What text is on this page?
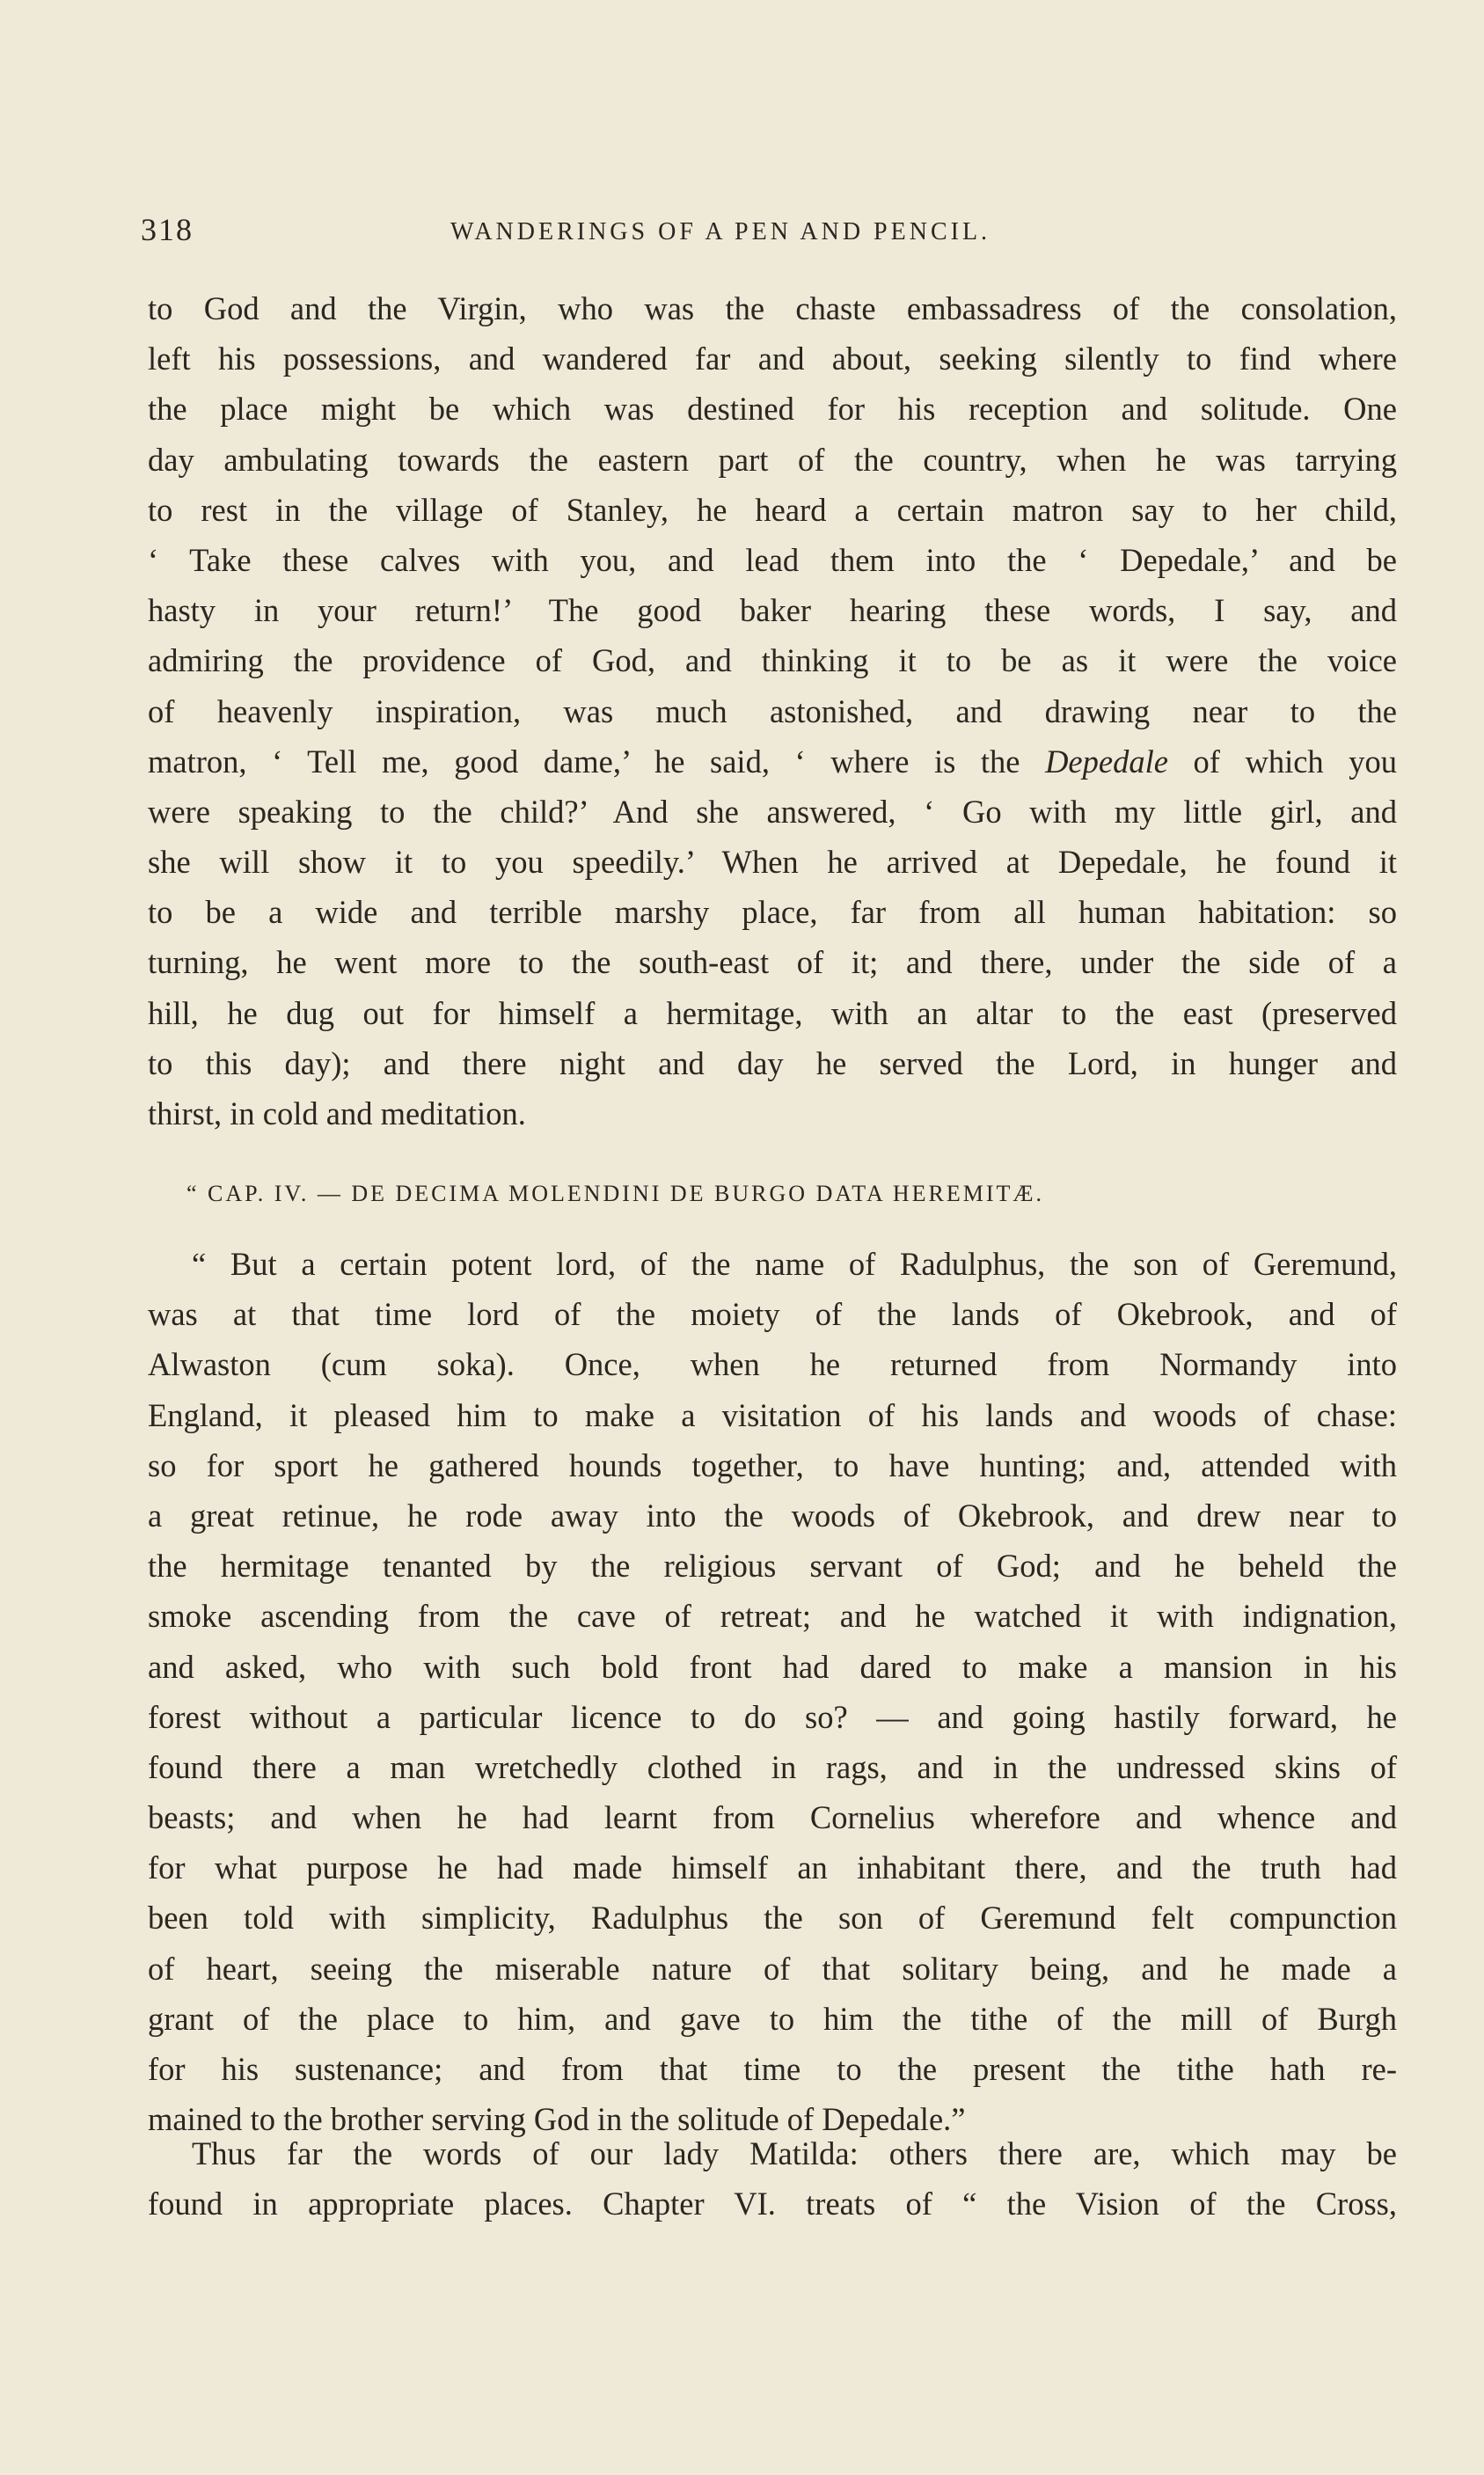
318	WANDERINGS OF A PEN AND PENCIL.
to God and the Virgin, who was the chaste embassadress of the consolation,
left his possessions, and wandered far and about, seeking silently to find where
the place might be which was destined for his reception and solitude. One
day ambulating towards the eastern part of the country, when he was tarrying
to rest in the village of Stanley, he heard a certain matron say to her child,
‘ Take these calves with you, and lead them into the ‘ Depedale,’ and be
hasty in your return!’ The good baker hearing these words, I say, and
admiring the providence of God, and thinking it to be as it were the voice
of heavenly inspiration, was much astonished, and drawing near to the
matron, ‘ Tell me, good dame,’ he said, ‘ where is the Depedale of which you
were speaking to the child?’ And she answered, ‘ Go with my little girl, and
she will show it to you speedily.’ When he arrived at Depedale, he found it
to be a wide and terrible marshy place, far from all human habitation: so
turning, he went more to the south-east of it; and there, under the side of a
hill, he dug out for himself a hermitage, with an altar to the east (preserved
to this day); and there night and day he served the Lord, in hunger and
thirst, in cold and meditation.
“ CAP. IV. — DE DECIMA MOLENDINI DE BURGO DATA HEREMITÆ.
“ But a certain potent lord, of the name of Radulphus, the son of Geremund,
was at that time lord of the moiety of the lands of Okebrook, and of
Alwaston (cum soka). Once, when he returned from Normandy into
England, it pleased him to make a visitation of his lands and woods of chase:
so for sport he gathered hounds together, to have hunting; and, attended with
a great retinue, he rode away into the woods of Okebrook, and drew near to
the hermitage tenanted by the religious servant of God; and he beheld the
smoke ascending from the cave of retreat; and he watched it with indignation,
and asked, who with such bold front had dared to make a mansion in his
forest without a particular licence to do so? — and going hastily forward, he
found there a man wretchedly clothed in rags, and in the undressed skins of
beasts; and when he had learnt from Cornelius wherefore and whence and
for what purpose he had made himself an inhabitant there, and the truth had
been told with simplicity, Radulphus the son of Geremund felt compunction
of heart, seeing the miserable nature of that solitary being, and he made a
grant of the place to him, and gave to him the tithe of the mill of Burgh
for his sustenance; and from that time to the present the tithe hath re-
mained to the brother serving God in the solitude of Depedale.”
Thus far the words of our lady Matilda: others there are, which may be
found in appropriate places. Chapter VI. treats of “ the Vision of the Cross,
